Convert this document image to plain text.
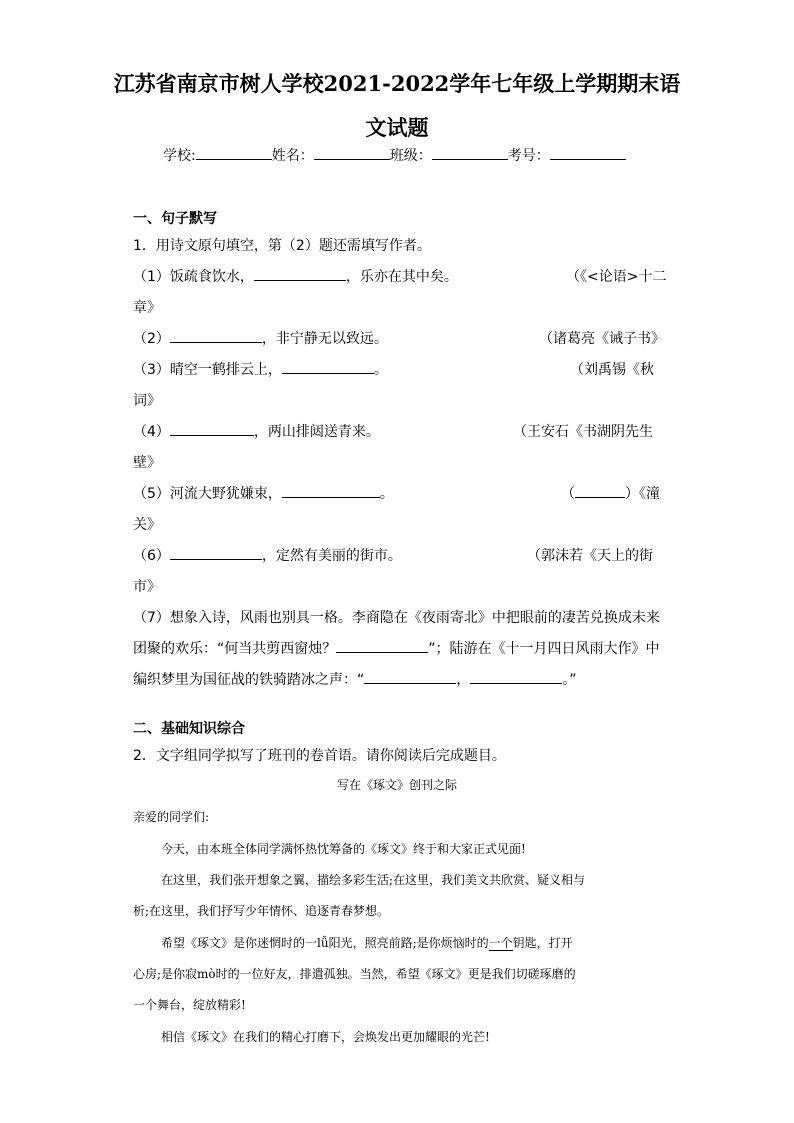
江苏省南京市树人学校2021-2022学年七年级上学期期末语
文试题
学校:	姓名：	班级：	考号：
一、句子默写
1．用诗文原句填空，第（2）题还需填写作者。
（1）饭疏食饮水，	，乐亦在其中矣。	（《<论语>十二
章》
（2）	，非宁静无以致远。	（诸葛亮《诫子书》
（3）晴空一鹤排云上，	。	（刘禹锡《秋
词》
（4）	，两山排闼送青来。	（王安石《书湖阴先生
壁》
（5）河流大野犹嫌束，	。	（	）《潼
关》
（6）	，定然有美丽的街市。	（郭沫若《天上的街
市》
（7）想象入诗，风雨也别具一格。李商隐在《夜雨寄北》中把眼前的凄苦兑换成未来
团聚的欢乐：“何当共剪西窗烛？	”；陆游在《十一月四日风雨大作》中
编织梦里为国征战的铁骑踏冰之声：“	，	。”
二、基础知识综合
2．文字组同学拟写了班刊的卷首语。请你阅读后完成题目。
写在《琢文》创刊之际
亲爱的同学们:
今天，由本班全体同学满怀热忱筹备的《琢文》终于和大家正式见面!
在这里，我们张开想象之翼，描绘多彩生活;在这里，我们美文共欣赏、疑义相与
析;在这里，我们抒写少年情怀、追逐青春梦想。
希望《琢文》是你迷惘时的一lǚ阳光，照亮前路;是你烦恼时的一个钥匙，打开
心房;是你寂mò时的一位好友，排遣孤独。当然，希望《琢文》更是我们切磋琢磨的
一个舞台，绽放精彩!
相信《琢文》在我们的精心打磨下，会焕发出更加耀眼的光芒!
